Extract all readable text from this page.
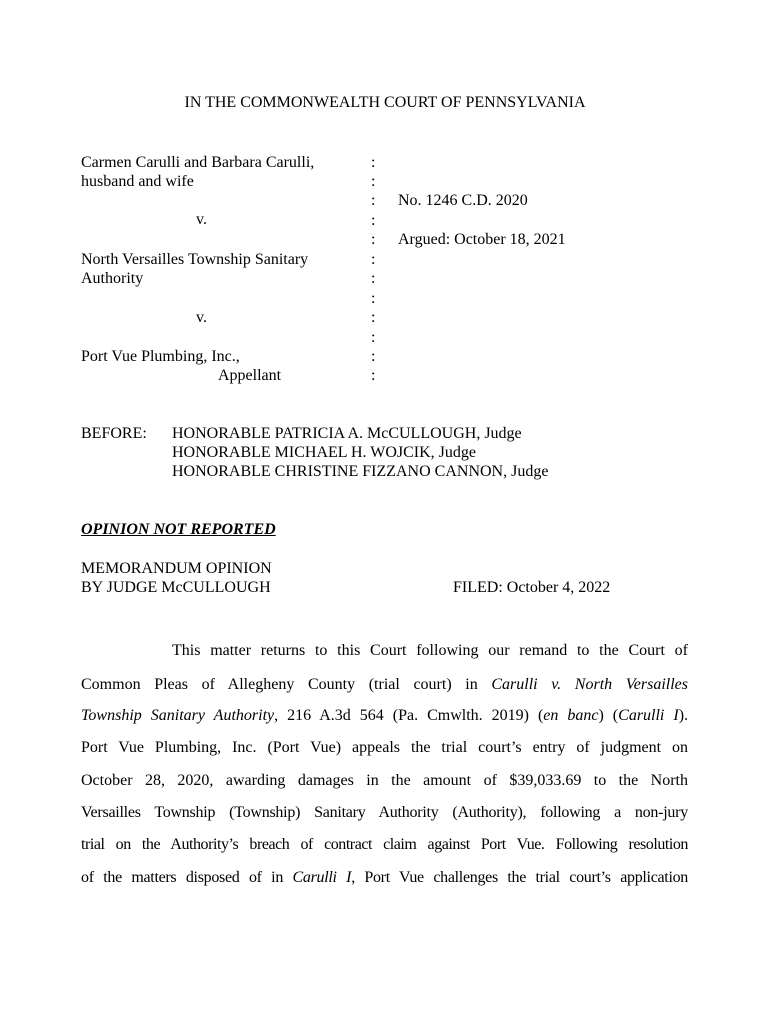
IN THE COMMONWEALTH COURT OF PENNSYLVANIA
Carmen Carulli and Barbara Carulli,
husband and wife
v.
North Versailles Township Sanitary
Authority
v.
Port Vue Plumbing, Inc.,
Appellant
:
:
:
:
:
:
:
:
:
:
:
:
No. 1246 C.D. 2020
Argued: October 18, 2021
BEFORE: HONORABLE PATRICIA A. McCULLOUGH, Judge
HONORABLE MICHAEL H. WOJCIK, Judge
HONORABLE CHRISTINE FIZZANO CANNON, Judge
OPINION NOT REPORTED
MEMORANDUM OPINION
BY JUDGE McCULLOUGH	FILED: October 4, 2022
This matter returns to this Court following our remand to the Court of
Common Pleas of Allegheny County (trial court) in Carulli v. North Versailles
Township Sanitary Authority, 216 A.3d 564 (Pa. Cmwlth. 2019) (en banc) (Carulli I).
Port Vue Plumbing, Inc. (Port Vue) appeals the trial court’s entry of judgment on
October 28, 2020, awarding damages in the amount of $39,033.69 to the North
Versailles Township (Township) Sanitary Authority (Authority), following a non-jury
trial on the Authority’s breach of contract claim against Port Vue. Following resolution
of the matters disposed of in Carulli I, Port Vue challenges the trial court’s application
